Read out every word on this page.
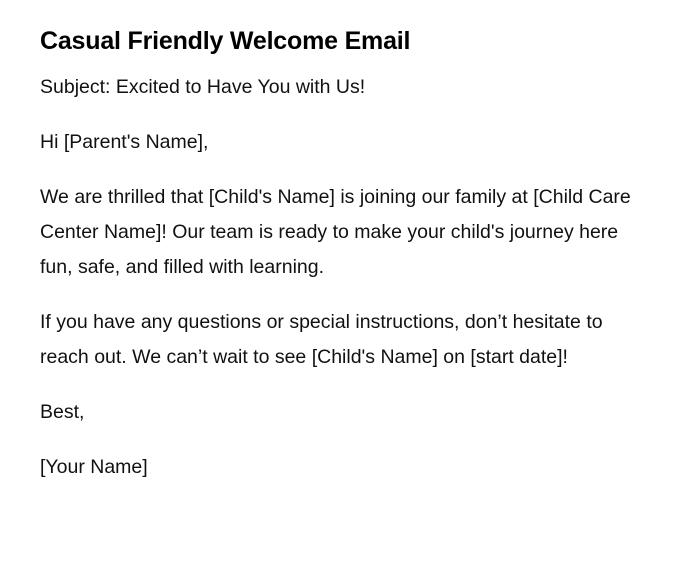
Casual Friendly Welcome Email

Subject: Excited to Have You with Us!

Hi [Parent's Name],

We are thrilled that [Child's Name] is joining our family at [Child Care Center Name]! Our team is ready to make your child's journey here fun, safe, and filled with learning.

If you have any questions or special instructions, don’t hesitate to reach out. We can’t wait to see [Child's Name] on [start date]!

Best,

[Your Name]
